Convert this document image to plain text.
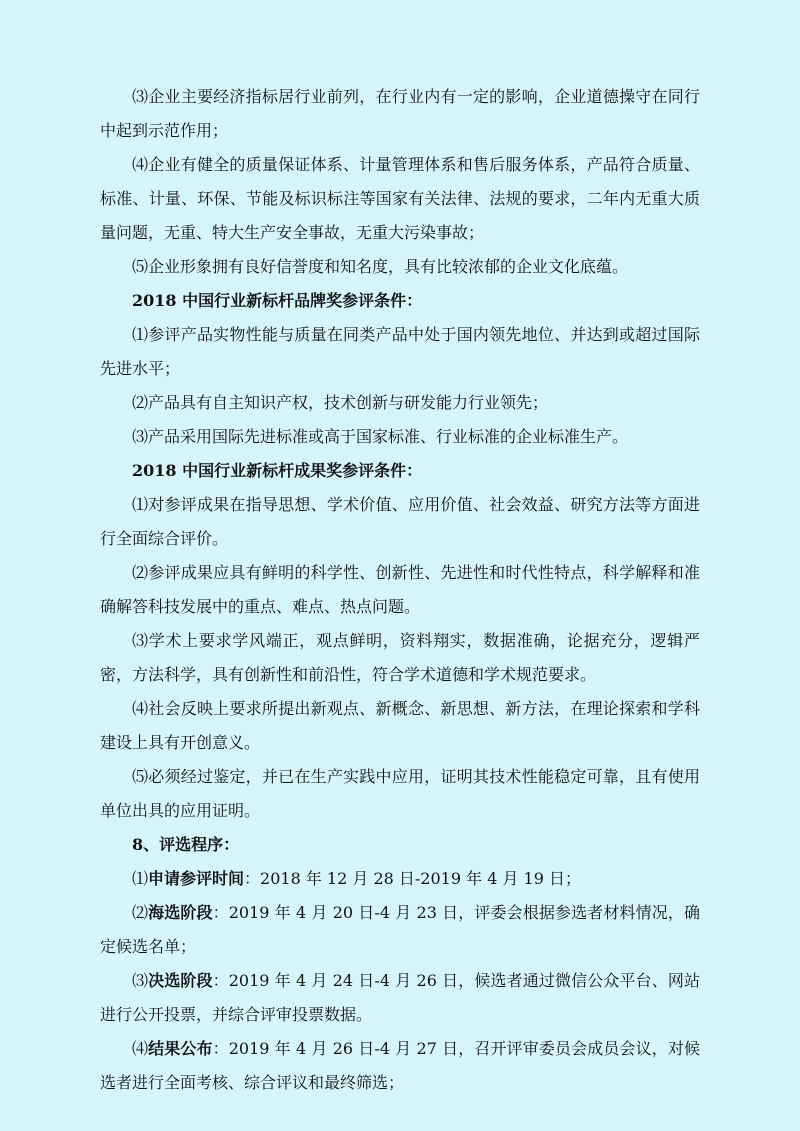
⑶企业主要经济指标居行业前列，在行业内有一定的影响，企业道德操守在同行中起到示范作用；

⑷企业有健全的质量保证体系、计量管理体系和售后服务体系，产品符合质量、标准、计量、环保、节能及标识标注等国家有关法律、法规的要求，二年内无重大质量问题，无重、特大生产安全事故，无重大污染事故；

⑸企业形象拥有良好信誉度和知名度，具有比较浓郁的企业文化底蕴。

2018 中国行业新标杆品牌奖参评条件：

⑴参评产品实物性能与质量在同类产品中处于国内领先地位、并达到或超过国际先进水平；

⑵产品具有自主知识产权，技术创新与研发能力行业领先；

⑶产品采用国际先进标准或高于国家标准、行业标准的企业标准生产。

2018 中国行业新标杆成果奖参评条件：

⑴对参评成果在指导思想、学术价值、应用价值、社会效益、研究方法等方面进行全面综合评价。

⑵参评成果应具有鲜明的科学性、创新性、先进性和时代性特点，科学解释和准确解答科技发展中的重点、难点、热点问题。

⑶学术上要求学风端正，观点鲜明，资料翔实，数据准确，论据充分，逻辑严密，方法科学，具有创新性和前沿性，符合学术道德和学术规范要求。

⑷社会反映上要求所提出新观点、新概念、新思想、新方法，在理论探索和学科建设上具有开创意义。

⑸必须经过鉴定，并已在生产实践中应用，证明其技术性能稳定可靠，且有使用单位出具的应用证明。

8、评选程序：

⑴申请参评时间：2018 年 12 月 28 日-2019 年 4 月 19 日；

⑵海选阶段：2019 年 4 月 20 日-4 月 23 日，评委会根据参选者材料情况，确定候选名单；

⑶决选阶段：2019 年 4 月 24 日-4 月 26 日，候选者通过微信公众平台、网站进行公开投票，并综合评审投票数据。

⑷结果公布：2019 年 4 月 26 日-4 月 27 日，召开评审委员会成员会议，对候选者进行全面考核、综合评议和最终筛选；
